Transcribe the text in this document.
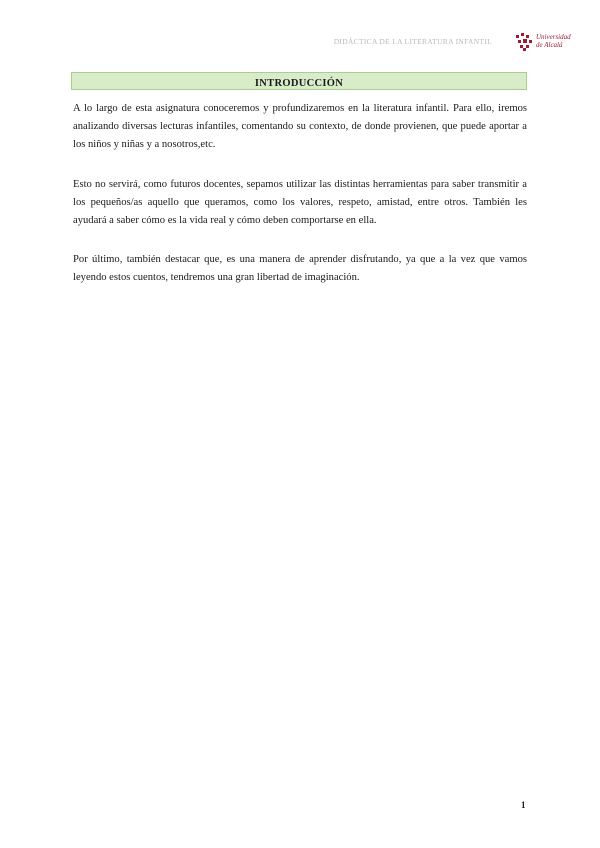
DIDÁCTICA DE LA LITERATURA INFANTIL	Universidad
de Alcalá
INTRODUCCIÓN

A lo largo de esta asignatura conoceremos y profundizaremos en la literatura infantil. Para ello, iremos analizando diversas lecturas infantiles, comentando su contexto, de donde provienen, que puede aportar a los niños y niñas y a nosotros,etc.

Esto no servirá, como futuros docentes, sepamos utilizar las distintas herramientas para saber transmitir a los pequeños/as aquello que queramos, como los valores, respeto, amistad, entre otros. También les ayudará a saber cómo es la vida real y cómo deben comportarse en ella.

Por último, también destacar que, es una manera de aprender disfrutando, ya que a la vez que vamos leyendo estos cuentos, tendremos una gran libertad de imaginación.

1
